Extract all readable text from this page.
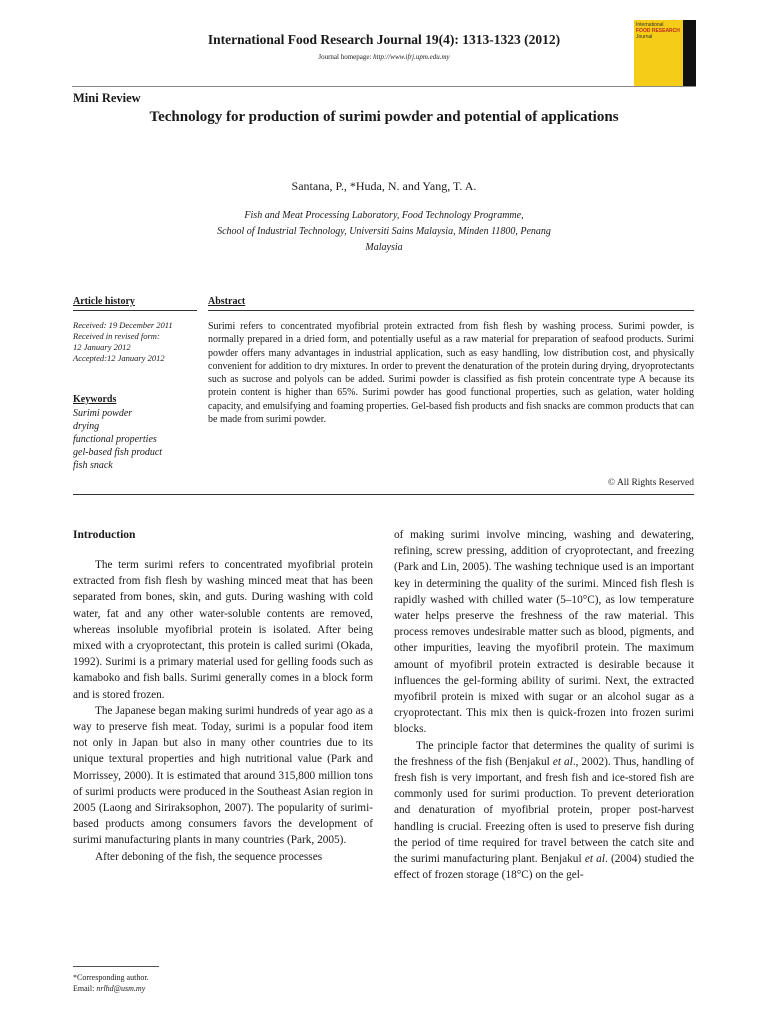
International Food Research Journal 19(4): 1313-1323 (2012)
Journal homepage: http://www.ifrj.upm.edu.my
International
FOOD RESEARCH
Journal
Mini Review
Technology for production of surimi powder and potential of applications
Santana, P., *Huda, N. and Yang, T. A.
Fish and Meat Processing Laboratory, Food Technology Programme,
School of Industrial Technology, Universiti Sains Malaysia, Minden 11800, Penang
Malaysia
Article history
Received: 19 December 2011
Received in revised form:
12 January 2012
Accepted:12 January 2012
Keywords
Surimi powder
drying
functional properties
gel-based fish product
fish snack
Abstract
Surimi refers to concentrated myofibrial protein extracted from fish flesh by washing process. Surimi powder, is normally prepared in a dried form, and potentially useful as a raw material for preparation of seafood products. Surimi powder offers many advantages in industrial application, such as easy handling, low distribution cost, and physically convenient for addition to dry mixtures. In order to prevent the denaturation of the protein during drying, dryoprotectants such as sucrose and polyols can be added. Surimi powder is classified as fish protein concentrate type A because its protein content is higher than 65%. Surimi powder has good functional properties, such as gelation, water holding capacity, and emulsifying and foaming properties. Gel-based fish products and fish snacks are common products that can be made from surimi powder.
© All Rights Reserved
Introduction

The term surimi refers to concentrated myofibrial protein extracted from fish flesh by washing minced meat that has been separated from bones, skin, and guts. During washing with cold water, fat and any other water-soluble contents are removed, whereas insoluble myofibrial protein is isolated. After being mixed with a cryoprotectant, this protein is called surimi (Okada, 1992). Surimi is a primary material used for gelling foods such as kamaboko and fish balls. Surimi generally comes in a block form and is stored frozen.

The Japanese began making surimi hundreds of year ago as a way to preserve fish meat. Today, surimi is a popular food item not only in Japan but also in many other countries due to its unique textural properties and high nutritional value (Park and Morrissey, 2000). It is estimated that around 315,800 million tons of surimi products were produced in the Southeast Asian region in 2005 (Laong and Siriraksophon, 2007). The popularity of surimi-based products among consumers favors the development of surimi manufacturing plants in many countries (Park, 2005).

After deboning of the fish, the sequence processes

of making surimi involve mincing, washing and dewatering, refining, screw pressing, addition of cryoprotectant, and freezing (Park and Lin, 2005). The washing technique used is an important key in determining the quality of the surimi. Minced fish flesh is rapidly washed with chilled water (5–10°C), as low temperature water helps preserve the freshness of the raw material. This process removes undesirable matter such as blood, pigments, and other impurities, leaving the myofibril protein. The maximum amount of myofibril protein extracted is desirable because it influences the gel-forming ability of surimi. Next, the extracted myofibril protein is mixed with sugar or an alcohol sugar as a cryoprotectant. This mix then is quick-frozen into frozen surimi blocks.

The principle factor that determines the quality of surimi is the freshness of the fish (Benjakul et al., 2002). Thus, handling of fresh fish is very important, and fresh fish and ice-stored fish are commonly used for surimi production. To prevent deterioration and denaturation of myofibrial protein, proper post-harvest handling is crucial. Freezing often is used to preserve fish during the period of time required for travel between the catch site and the surimi manufacturing plant. Benjakul et al. (2004) studied the effect of frozen storage (18°C) on the gel-

*Corresponding author.
Email: nrlhd@usm.my
